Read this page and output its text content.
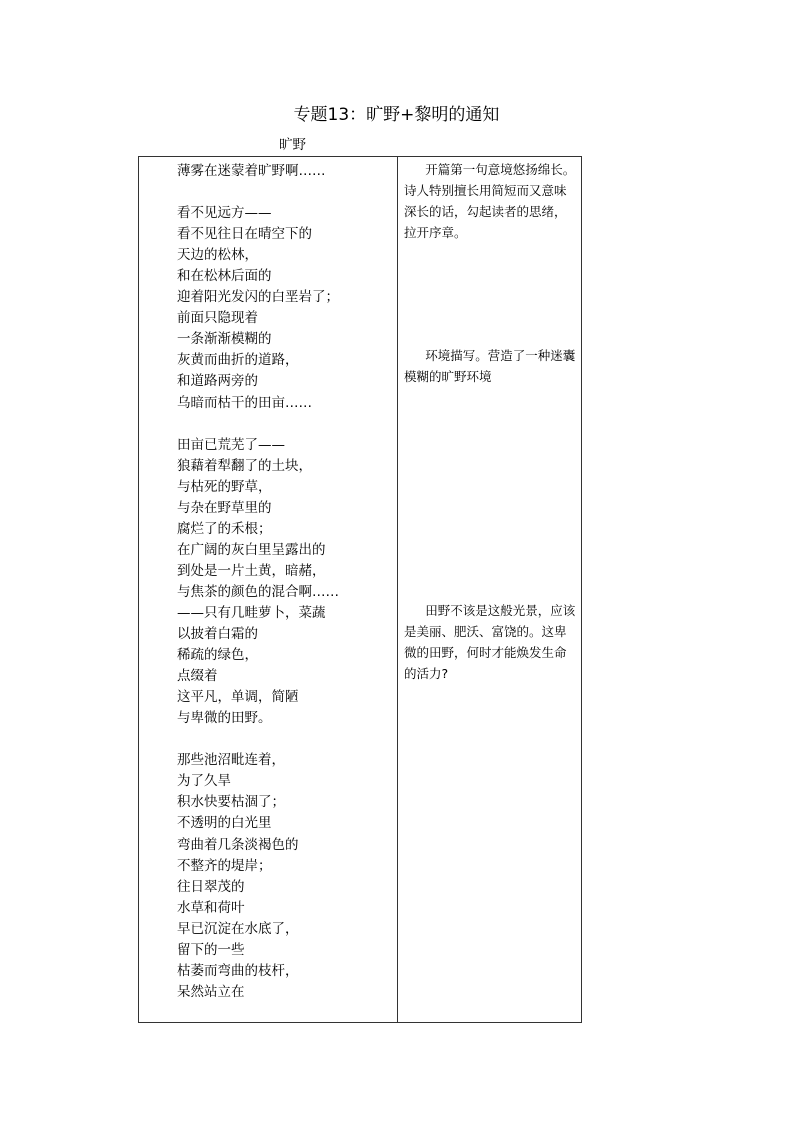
专题13：旷野+黎明的通知
旷野
薄雾在迷蒙着旷野啊……
看不见远方——
看不见往日在晴空下的
天边的松林，
和在松林后面的
迎着阳光发闪的白垩岩了；
前面只隐现着
一条渐渐模糊的
灰黄而曲折的道路，
和道路两旁的
乌暗而枯干的田亩……
田亩已荒芜了——
狼藉着犁翻了的土块，
与枯死的野草，
与杂在野草里的
腐烂了的禾根；
在广阔的灰白里呈露出的
到处是一片土黄，暗赭，
与焦茶的颜色的混合啊……
——只有几畦萝卜，菜蔬
以披着白霜的
稀疏的绿色，
点缀着
这平凡，单调，简陋
与卑微的田野。
那些池沼毗连着，
为了久旱
积水快要枯涸了；
不透明的白光里
弯曲着几条淡褐色的
不整齐的堤岸；
往日翠茂的
水草和荷叶
早已沉淀在水底了，
留下的一些
枯萎而弯曲的枝杆，
呆然站立在
开篇第一句意境悠扬绵长。诗人特别擅长用简短而又意味深长的话，勾起读者的思绪，拉开序章。
环境描写。营造了一种迷囊模糊的旷野环境
田野不该是这般光景，应该是美丽、肥沃、富饶的。这卑微的田野，何时才能焕发生命的活力?
